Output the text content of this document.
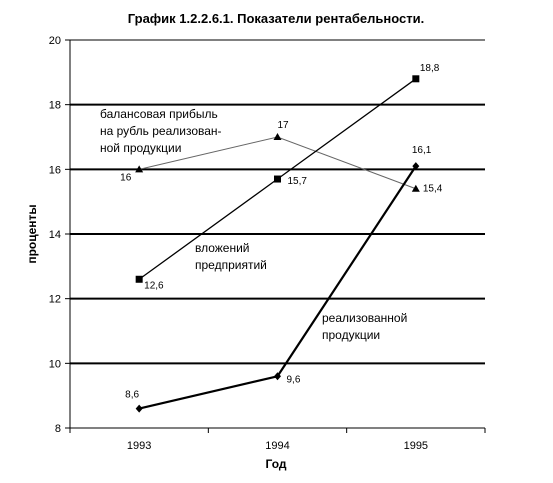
График 1.2.2.6.1. Показатели рентабельности.
8
10
12
14
16
18
20
1993	1994	1995
проценты
Год
16
17
15,4
12,6
15,7
18,8
8,6
9,6
16,1
балансовая прибыль на рубль реализован-ной продукции
вложений предприятий
реализованной продукции
